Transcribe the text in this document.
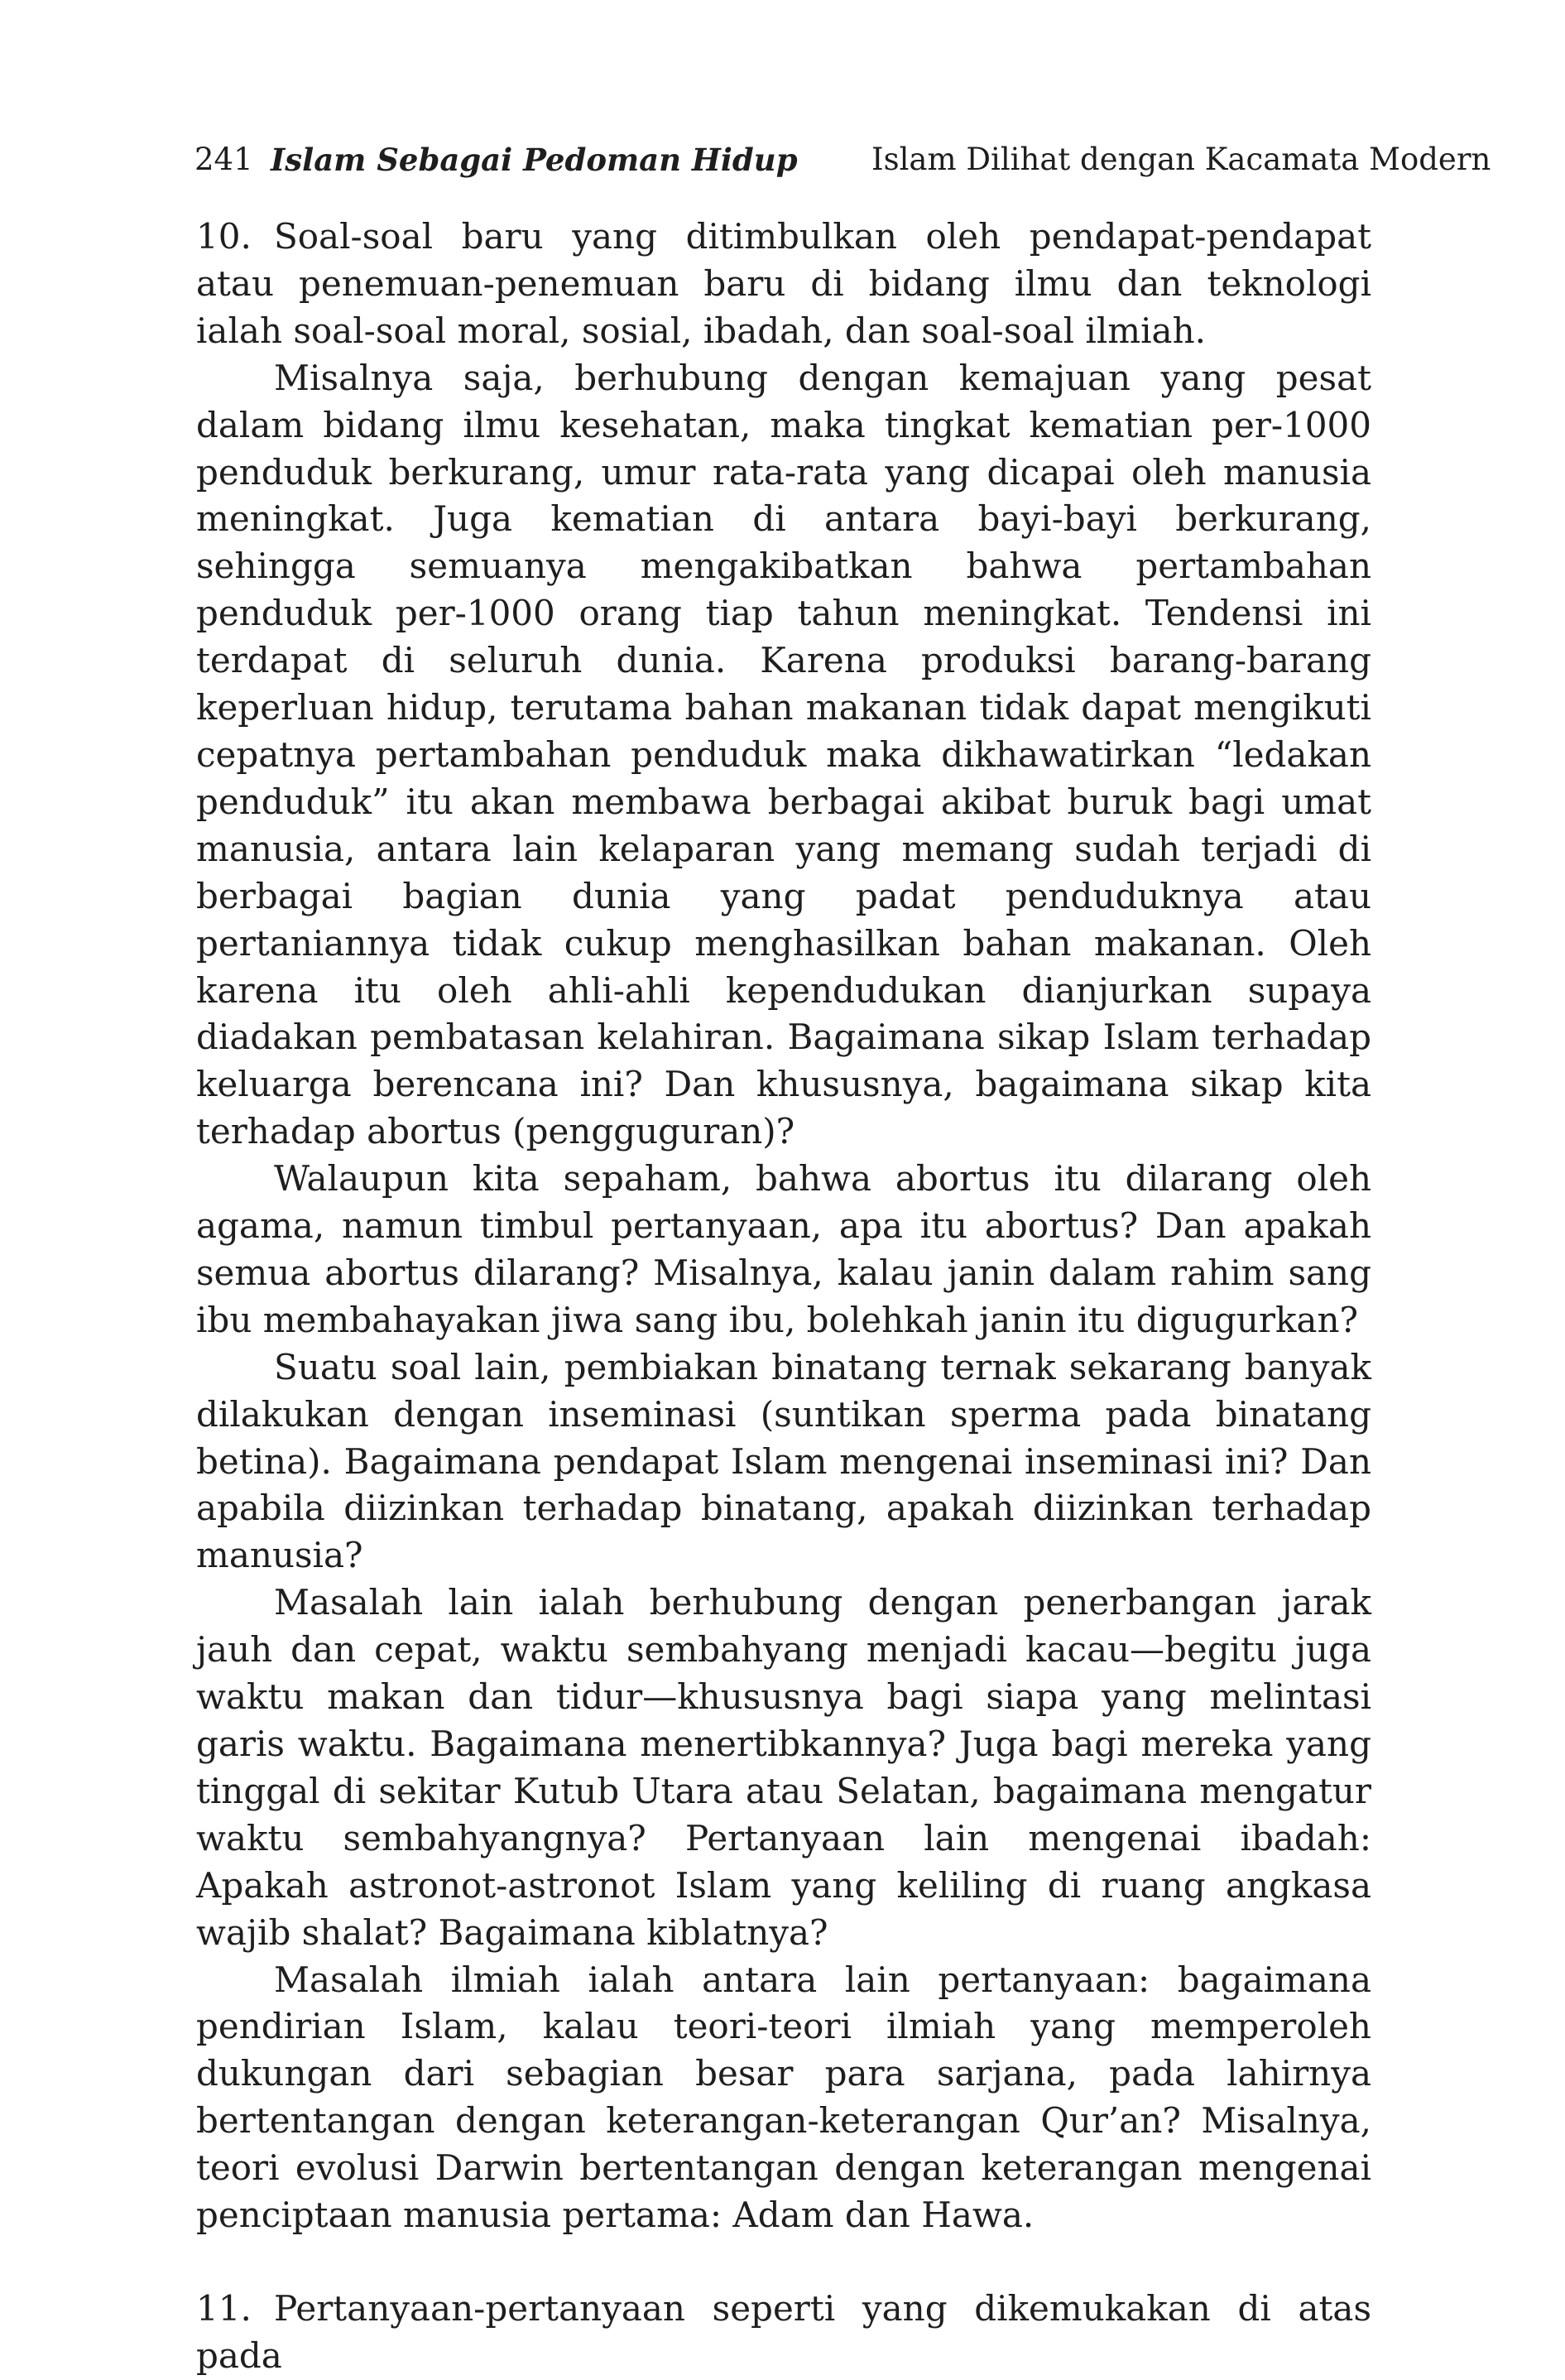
241 Islam Sebagai Pedoman Hidup Islam Dilihat dengan Kacamata Modern

10. Soal-soal baru yang ditimbulkan oleh pendapat-pendapat atau penemuan-penemuan baru di bidang ilmu dan teknologi ialah soal-soal moral, sosial, ibadah, dan soal-soal ilmiah.

Misalnya saja, berhubung dengan kemajuan yang pesat dalam bidang ilmu kesehatan, maka tingkat kematian per-1000 penduduk berkurang, umur rata-rata yang dicapai oleh manusia meningkat. Juga kematian di antara bayi-bayi berkurang, sehingga semuanya mengakibatkan bahwa pertambahan penduduk per-1000 orang tiap tahun meningkat. Tendensi ini terdapat di seluruh dunia. Karena produksi barang-barang keperluan hidup, terutama bahan makanan tidak dapat mengikuti cepatnya pertambahan penduduk maka dikhawatirkan “ledakan penduduk” itu akan membawa berbagai akibat buruk bagi umat manusia, antara lain kelaparan yang memang sudah terjadi di berbagai bagian dunia yang padat penduduknya atau pertaniannya tidak cukup menghasilkan bahan makanan. Oleh karena itu oleh ahli-ahli kependudukan dianjurkan supaya diadakan pembatasan kelahiran. Bagaimana sikap Islam terhadap keluarga berencana ini? Dan khususnya, bagaimana sikap kita terhadap abortus (pengguguran)?

Walaupun kita sepaham, bahwa abortus itu dilarang oleh agama, namun timbul pertanyaan, apa itu abortus? Dan apakah semua abortus dilarang? Misalnya, kalau janin dalam rahim sang ibu membahayakan jiwa sang ibu, bolehkah janin itu digugurkan?

Suatu soal lain, pembiakan binatang ternak sekarang banyak dilakukan dengan inseminasi (suntikan sperma pada binatang betina). Bagaimana pendapat Islam mengenai inseminasi ini? Dan apabila diizinkan terhadap binatang, apakah diizinkan terhadap manusia?

Masalah lain ialah berhubung dengan penerbangan jarak jauh dan cepat, waktu sembahyang menjadi kacau—begitu juga waktu makan dan tidur—khususnya bagi siapa yang melintasi garis waktu. Bagaimana menertibkannya? Juga bagi mereka yang tinggal di sekitar Kutub Utara atau Selatan, bagaimana mengatur waktu sembahyangnya? Pertanyaan lain mengenai ibadah: Apakah astronot-astronot Islam yang keliling di ruang angkasa wajib shalat? Bagaimana kiblatnya?

Masalah ilmiah ialah antara lain pertanyaan: bagaimana pendirian Islam, kalau teori-teori ilmiah yang memperoleh dukungan dari sebagian besar para sarjana, pada lahirnya bertentangan dengan keterangan-keterangan Qur’an? Misalnya, teori evolusi Darwin bertentangan dengan keterangan mengenai penciptaan manusia pertama: Adam dan Hawa.

11. Pertanyaan-pertanyaan seperti yang dikemukakan di atas pada
